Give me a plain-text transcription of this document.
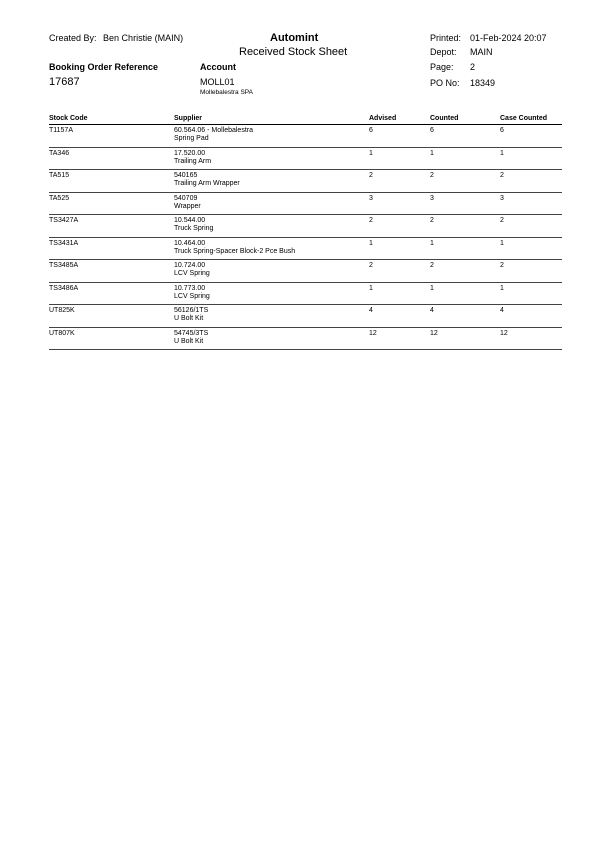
Created By: Ben Christie (MAIN)	Automint
Received Stock Sheet
Printed: 01-Feb-2024 20:07
Depot: MAIN
Page: 2
PO No: 18349
Booking Order Reference
17687
Account
MOLL01
Mollebalestra SPA
Stock Code	Supplier	Advised	Counted	Case Counted
T1157A	60.564.06 - Mollebalestra	6	6	6
Spring Pad
TA346	17.520.00	1	1	1
Trailing Arm
TA515	540165	2	2	2
Trailing Arm Wrapper
TA525	540709	3	3	3
Wrapper
TS3427A	10.544.00	2	2	2
Truck Spring
TS3431A	10.464.00	1	1	1
Truck Spring-Spacer Block-2 Pce Bush
TS3485A	10.724.00	2	2	2
LCV Spring
TS3486A	10.773.00	1	1	1
LCV Spring
UT825K	56126/1TS	4	4	4
U Bolt Kit
UT807K	54745/3TS	12	12	12
U Bolt Kit
